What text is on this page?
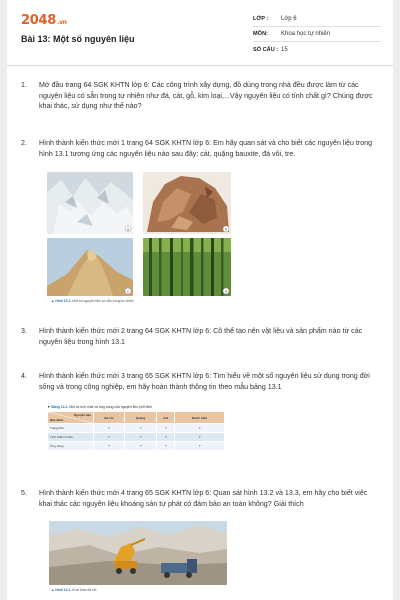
2048.vn
Bài 13: Một số nguyên liệu
LỚP :	Lớp 6
MÔN:	Khoa học tự nhiên
SỐ CÂU : 15
1. Mở đầu trang 64 SGK KHTN lớp 6: Các công trình xây dựng, đồ dùng trong nhà đều được làm từ các nguyên liệu có sẵn trong tự nhiên như đá, cát, gỗ, kim loại,...Vậy nguyên liệu có tính chất gì? Chúng được khai thác, sử dụng như thế nào?
2. Hình thành kiến thức mới 1 trang 64 SGK KHTN lớp 6: Em hãy quan sát và cho biết các nguyên liệu trong hình 13.1 tương ứng các nguyên liệu nào sau đây: cát, quặng bauxite, đá vôi, tre.
a	b
c	d
▲ Hình 13.1. Một số nguyên liệu có sẵn trong tự nhiên
3. Hình thành kiến thức mới 2 trang 64 SGK KHTN lớp 6: Cô thể tạo nên vật liệu và sản phẩm nào từ các nguyên liệu trong hình 13.1
4. Hình thành kiến thức mới 3 trang 65 SGK KHTN lớp 6: Tìm hiểu về một số nguyên liệu sử dụng trong đời sống và trong công nghiệp, em hãy hoàn thành thông tin theo mẫu bảng 13.1
▼ Bảng 13.1. Một số tính chất và ứng dụng của nguyên liệu phổ biến
Nguyên liệu
Đặc điểm	Đá vôi	Quặng	Cát	Nước biển
Trạng thái	?	?	?	?
Tính chất cơ bản	?	?	?	?
Ứng dụng	?	?	?	?
5. Hình thành kiến thức mới 4 trang 65 SGK KHTN lớp 6: Quan sát hình 13.2 và 13.3, em hãy cho biết việc khai thác các nguyên liệu khoáng sản tự phát có đảm bảo an toàn không? Giải thích
▲ Hình 13.2. Khai thác đá vôi
